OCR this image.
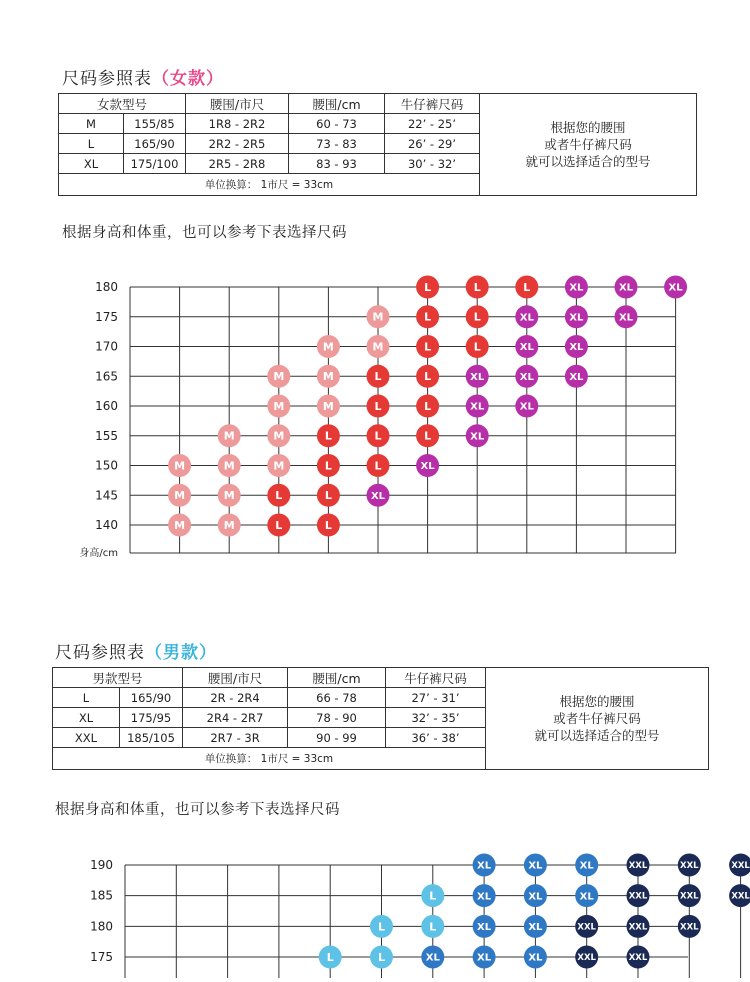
尺码参照表（女款）
女款型号		腰围/市尺	腰围/cm	牛仔裤尺码	根据您的腰围
或者牛仔裤尺码
就可以选择适合的型号

M	155/85	1R8 - 2R2	60 - 73	22’ - 25’	
L	165/90	2R2 - 2R5	73 - 83	26’ - 29’	
XL	175/100	2R5 - 2R8	83 - 93	30’ - 32’	
单位换算： 1市尺 = 33cm					
根据身高和体重，也可以参考下表选择尺码
140
145
150
155
160
165
170
175
180
身高/cm
M
M
M
M
M
M
M
L
L
M
M
M
M
L
L
L
L
M
M
M
XL
L
L
L
L
M
M
XL
L
L
L
L
L
L
XL
XL
XL
L
L
L
XL
XL
XL
XL
L
XL
XL
XL
XL
XL
XL	XL
尺码参照表（男款）
男款型号		腰围/市尺	腰围/cm	牛仔裤尺码	根据您的腰围
或者牛仔裤尺码
就可以选择适合的型号

L	165/90	2R - 2R4	66 - 78	27’ - 31’	
XL	175/95	2R4 - 2R7	78 - 90	32’ - 35’	
XXL	185/105	2R7 - 3R	90 - 99	36’ - 38’	
单位换算： 1市尺 = 33cm					
根据身高和体重，也可以参考下表选择尺码
175
180
185
190
L	L
L
XL
L
L
XL
XL
XL
XL
XL
XL
XL
XL
XXL
XXL
XL
XL
XXL
XXL
XXL
XXL
XXL
XXL
XXL
XXL
XXL
